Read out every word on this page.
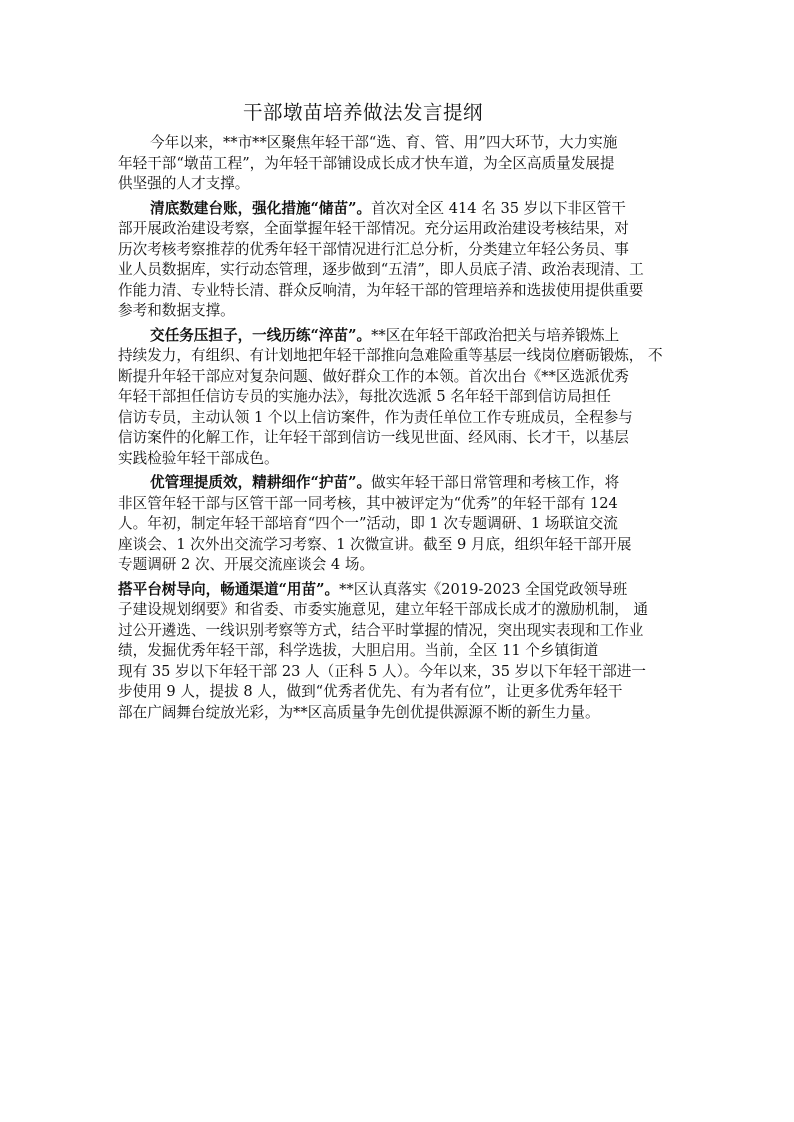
干部墩苗培养做法发言提纲
今年以来，**市**区聚焦年轻干部“选、育、管、用”四大环节，大力实施
年轻干部“墩苗工程”，为年轻干部铺设成长成才快车道，为全区高质量发展提
供坚强的人才支撑。
清底数建台账，强化措施“储苗”。首次对全区 414 名 35 岁以下非区管干
部开展政治建设考察，全面掌握年轻干部情况。充分运用政治建设考核结果，对
历次考核考察推荐的优秀年轻干部情况进行汇总分析，分类建立年轻公务员、事
业人员数据库，实行动态管理，逐步做到“五清”，即人员底子清、政治表现清、工
作能力清、专业特长清、群众反响清，为年轻干部的管理培养和选拔使用提供重要
参考和数据支撑。
交任务压担子，一线历练“淬苗”。**区在年轻干部政治把关与培养锻炼上
持续发力，有组织、有计划地把年轻干部推向急难险重等基层一线岗位磨砺锻炼， 不
断提升年轻干部应对复杂问题、做好群众工作的本领。首次出台《**区选派优秀
年轻干部担任信访专员的实施办法》，每批次选派 5 名年轻干部到信访局担任
信访专员，主动认领 1 个以上信访案件，作为责任单位工作专班成员，全程参与
信访案件的化解工作，让年轻干部到信访一线见世面、经风雨、长才干，以基层
实践检验年轻干部成色。
优管理提质效，精耕细作“护苗”。做实年轻干部日常管理和考核工作，将
非区管年轻干部与区管干部一同考核，其中被评定为“优秀”的年轻干部有 124
人。年初，制定年轻干部培育“四个一”活动，即 1 次专题调研、1 场联谊交流
座谈会、1 次外出交流学习考察、1 次微宣讲。截至 9 月底，组织年轻干部开展
专题调研 2 次、开展交流座谈会 4 场。
搭平台树导向，畅通渠道“用苗”。**区认真落实《2019-2023 全国党政领导班
子建设规划纲要》和省委、市委实施意见，建立年轻干部成长成才的激励机制， 通
过公开遴选、一线识别考察等方式，结合平时掌握的情况，突出现实表现和工作业
绩，发掘优秀年轻干部，科学选拔，大胆启用。当前，全区 11 个乡镇街道
现有 35 岁以下年轻干部 23 人（正科 5 人）。今年以来，35 岁以下年轻干部进一
步使用 9 人，提拔 8 人，做到“优秀者优先、有为者有位”，让更多优秀年轻干
部在广阔舞台绽放光彩，为**区高质量争先创优提供源源不断的新生力量。
